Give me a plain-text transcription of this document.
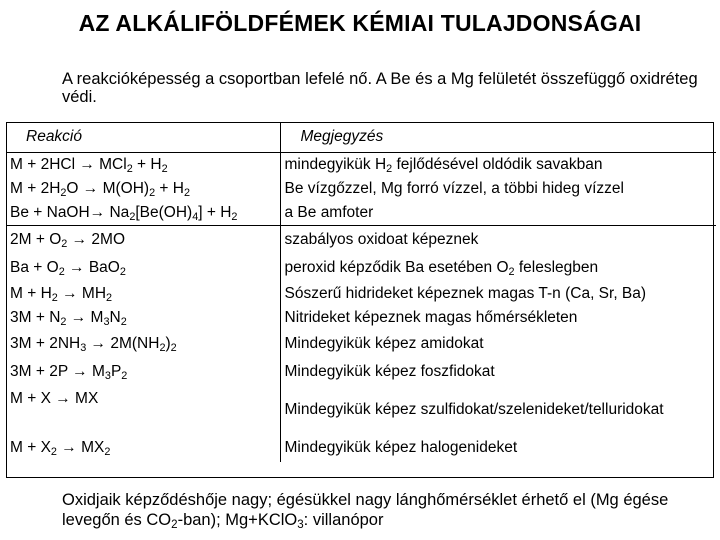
AZ ALKÁLIFÖLDFÉMEK KÉMIAI TULAJDONSÁGAI
A reakcióképesség a csoportban lefelé nő. A Be és a Mg felületét összefüggő oxidréteg védi.
Reakció	Megjegyzés
$M + 2HCl \to MCl_2 + H_2$	mindegyikük $H_2$ fejlődésével oldódik savakban
$M + 2H_2O \to M(OH)_2 + H_2$	Be vízgőzzel, Mg forró vízzel, a többi hideg vízzel
Be + NaOH→ $Na_2[Be(OH)_4] + H_2$	a Be amfoter
$2M + O_2 \to 2MO$	szabályos oxidoat képeznek
$Ba + O_2 \to BaO_2$	peroxid képződik Ba esetében $O_2$ feleslegben
$M + H_2 \to MH_2$	Sószerű hidrideket képeznek magas T-n (Ca, Sr, Ba)
$3M + N_2 \to M_3N_2$	Nitrideket képeznek magas hőmérsékleten
$3M + 2NH_3 \to 2M(NH_2)_2$	Mindegyikük képez amidokat
$3M + 2P \to M_3P_2$	Mindegyikük képez foszfidokat
M + X → MX	Mindegyikük képez szulfidokat/szelenideket/telluridokat
$M + X_2 \to MX_2$	Mindegyikük képez halogenideket
Oxidjaik képződéshője nagy; égésükkel nagy lánghőmérséklet érhető el (Mg égése levegőn és $CO_2-ban$); Mg+KClO$_3$: villanópor
